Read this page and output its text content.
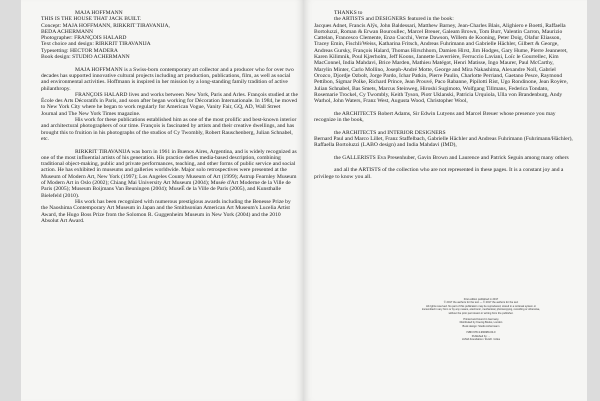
MAJA HOFFMANN
THIS IS THE HOUSE THAT JACK BUILT.
Concept: MAJA HOFFMANN, RIRKRIT TIRAVANIJA,
BEDA ACHERMANN
Photographer: FRANÇOIS HALARD
Text choice and design: RIRKRIT TIRAVANIJA
Typesetting: HECTOR MADERA
Book design: STUDIO ACHERMANN

MAJA HOFFMANN is a Swiss-born contemporary art collector and a producer who for over two decades has supported innovative cultural projects including art production, publications, film, as well as social and environmental activities. Hoffmann is inspired in her mission by a long-standing family tradition of active philanthropy.

FRANÇOIS HALARD lives and works between New York, Paris and Arles. François studied at the École des Arts Décoratifs in Paris, and soon after began working for Décoration Internationale. In 1984, he moved to New York City where he began to work regularly for American Vogue, Vanity Fair, GQ, AD, Wall Street Journal and The New York Times magazine.

His work for these publications established him as one of the most prolific and best-known interior and architectural photographers of our time. François is fascinated by artists and their creative dwellings, and has brought this to fruition in his photographs of the studios of Cy Twombly, Robert Rauschenberg, Julian Schnabel, etc.

RIRKRIT TIRAVANIJA was born in 1961 in Buenos Aires, Argentina, and is widely recognized as one of the most influential artists of his generation. His practice defies media-based description, combining traditional object-making, public and private performances, teaching, and other forms of public service and social action. He has exhibited in museums and galleries worldwide. Major solo retrospectives were presented at the Museum of Modern Art, New York (1997); Los Angeles County Museum of Art (1999); Astrup Fearnley Museum of Modern Art in Oslo (2002); Chiang Mai University Art Museum (2004); Musée d'Art Moderne de la Ville de Paris (2005); Museum Boijmans Van Beuningen (2004); MuseÉ de la Ville de Paris (2005), and Kunsthalle Bielefeld (2010).

His work has been recognized with numerous prestigious awards including the Benesse Prize by the Naoshima Contemporary Art Museum in Japan and the Smithsonian American Art Museum's Lucelia Artist Award, the Hugo Boss Prize from the Solomon R. Guggenheim Museum in New York (2004) and the 2010 Absolut Art Award.

THANKS to

the ARTISTS and DESIGNERS featured in the book:

Jacques Adnet, Francis Alÿs, John Baldessari, Matthew Barney, Jean-Charles Blais, Alighiero e Boetti, Raffaella Bortoluzzi, Roman & Erwan Bouroullec, Marcel Breuer, Galeam Brown, Tom Burr, Valentin Carron, Maurizio Cattelan, Francesco Clemente, Enzo Cucchi, Verne Dawson, Willem de Kooning, Peter Doig, Olafur Eliasson, Tracey Emin, Fischli/Weiss, Katharina Fritsch, Andreas Fuhrimann and Gabrielle Hächler, Gilbert & George, Andreas Gursky, François Halard, Thomas Hirschhorn, Damien Hirst, Jim Hodges, Gary Hume, Pierre Jeanneret, Karen Kilimnik, Poul Kjærholm, Jeff Koons, Jannette Laverrière, Ferruccio Laviani, Loïc le Gourrellec, Kim MacConnel, India Mahdavi, Brice Marden, Mathieu Matégot, Henri Matisse, Ingo Maurer, Paul McCarthy, Marylin Minter, Carlo Mollino, Joseph-André Motte, George and Mira Nakashima, Alexandre Noll, Gabriel Orozco, Djordje Ozbolt, Jorge Pardo, Ichar Patkin, Pierre Paulin, Charlotte Perriand, Gaetano Pesce, Raymond Pettibon, Sigmar Polke, Richard Prince, Jean Prouvé, Paco Rabanne, Pipilotti Rist, Ugo Rondinone, Jean Royère, Julian Schnabel, Bas Smets, Marcus Steinweg, Hiroshi Sugimoto, Wolfgang Tillmans, Federica Tondato, Rosemarie Trockel, Cy Twombly, Keith Tyson, Piotr Uklanski, Patricia Urquiola, Ulla von Brandenburg, Andy Warhol, John Waters, Franz West, Augusta Wood, Christopher Wool,

the ARCHITECTS Robert Adams, Sir Edwin Lutyens and Marcel Breuer whose presence you may recognize in the book,

the ARCHITECTS and INTERIOR DESIGNERS

Bernard Paul and Marco Lillet, Franz Staffelbach, Gabrielle Hächler and Andreas Fuhrimann (Fuhrimann/Hächler), Raffaella Bortoluzzi (LABO design) and India Mahdavi (IMD),

the GALLERISTS Eva Presenhuber, Gavin Brown and Laurence and Patrick Seguin among many others

and all the ARTISTS of the collection who are not represented in these pages. It is a constant joy and a privilege to know you all.

First edition published in 2017

© 2017 the authors for the text — © 2017 the authors for the text

All rights reserved. No part of this publication may be reproduced, stored in a retrieval system or

transmitted in any form or by any means, electronic, mechanical, photocopying, recording or otherwise,

without the prior permission in writing from the publisher.

Printed and bound in Germany

Distributed by Koenig Books, London

Book design: Studio Achermann

ISBN 978-3-960980-00-0

Published by: ...

LUMA Foundation / Zurich / Arles
